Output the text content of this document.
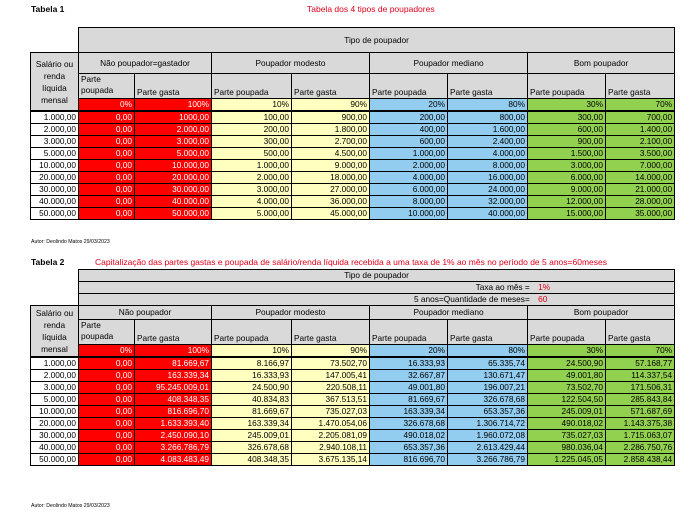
Tabela 1	Tabela dos 4 tipos de poupadores
	Tipo de poupador							
Salário ou renda líquida mensal	Não poupador=gastador		Poupador modesto		Poupador mediano		Bom poupador	
	Parte poupada	Parte gasta	Parte poupada	Parte gasta	Parte poupada	Parte gasta	Parte poupada	Parte gasta
	0%	100%	10%	90%	20%	80%	30%	70%
1.000,00	0,00	1000,00	100,00	900,00	200,00	800,00	300,00	700,00
2.000,00	0,00	2.000,00	200,00	1.800,00	400,00	1.600,00	600,00	1.400,00
3.000,00	0,00	3.000,00	300,00	2.700,00	600,00	2.400,00	900,00	2.100,00
5.000,00	0,00	5.000,00	500,00	4.500,00	1.000,00	4.000,00	1.500,00	3.500,00
10.000,00	0,00	10.000,00	1.000,00	9.000,00	2.000,00	8.000,00	3.000,00	7.000,00
20.000,00	0,00	20.000,00	2.000,00	18.000,00	4.000,00	16.000,00	6.000,00	14.000,00
30.000,00	0,00	30.000,00	3.000,00	27.000,00	6.000,00	24.000,00	9.000,00	21.000,00
40.000,00	0,00	40.000,00	4.000,00	36.000,00	8.000,00	32.000,00	12.000,00	28.000,00
50.000,00	0,00	50.000,00	5.000,00	45.000,00	10.000,00	40.000,00	15.000,00	35.000,00
Autor: Deolindo Matos 29/03/2023
Tabela 2	Capitalização das partes gastas e poupada de salário/renda líquida recebida a uma taxa de 1% ao mês no período de 5 anos=60meses
	Tipo de poupador							
	Taxa ao mês = 1%							
	5 anos=Quantidade de meses= 60							
Salário ou renda líquida mensal	Não poupador		Poupador modesto		Poupador mediano		Bom poupador	
	Parte poupada	Parte gasta	Parte poupada	Parte gasta	Parte poupada	Parte gasta	Parte poupada	Parte gasta
	0%	100%	10%	90%	20%	80%	30%	70%
1.000,00	0,00	81.669,67	8.166,97	73.502,70	16.333,93	65.335,74	24.500,90	57.168,77
2.000,00	0,00	163.339,34	16.333,93	147.005,41	32.667,87	130.671,47	49.001,80	114.337,54
3.000,00	0,00	95.245.009,01	24.500,90	220.508,11	49.001,80	196.007,21	73.502,70	171.506,31
5.000,00	0,00	408.348,35	40.834,83	367.513,51	81.669,67	326.678,68	122.504,50	285.843,84
10.000,00	0,00	816.696,70	81.669,67	735.027,03	163.339,34	653.357,36	245.009,01	571.687,69
20.000,00	0,00	1.633.393,40	163.339,34	1.470.054,06	326.678,68	1.306.714,72	490.018,02	1.143.375,38
30.000,00	0,00	2.450.090,10	245.009,01	2.205.081,09	490.018,02	1.960.072,08	735.027,03	1.715.063,07
40.000,00	0,00	3.266.786,79	326.678,68	2.940.108,11	653.357,36	2.613.429,44	980.036,04	2.286.750,76
50.000,00	0,00	4.083.483,49	408.348,35	3.675.135,14	816.696,70	3.266.786,79	1.225.045,05	2.858.438,44
Autor: Deolindo Matos 29/03/2023
